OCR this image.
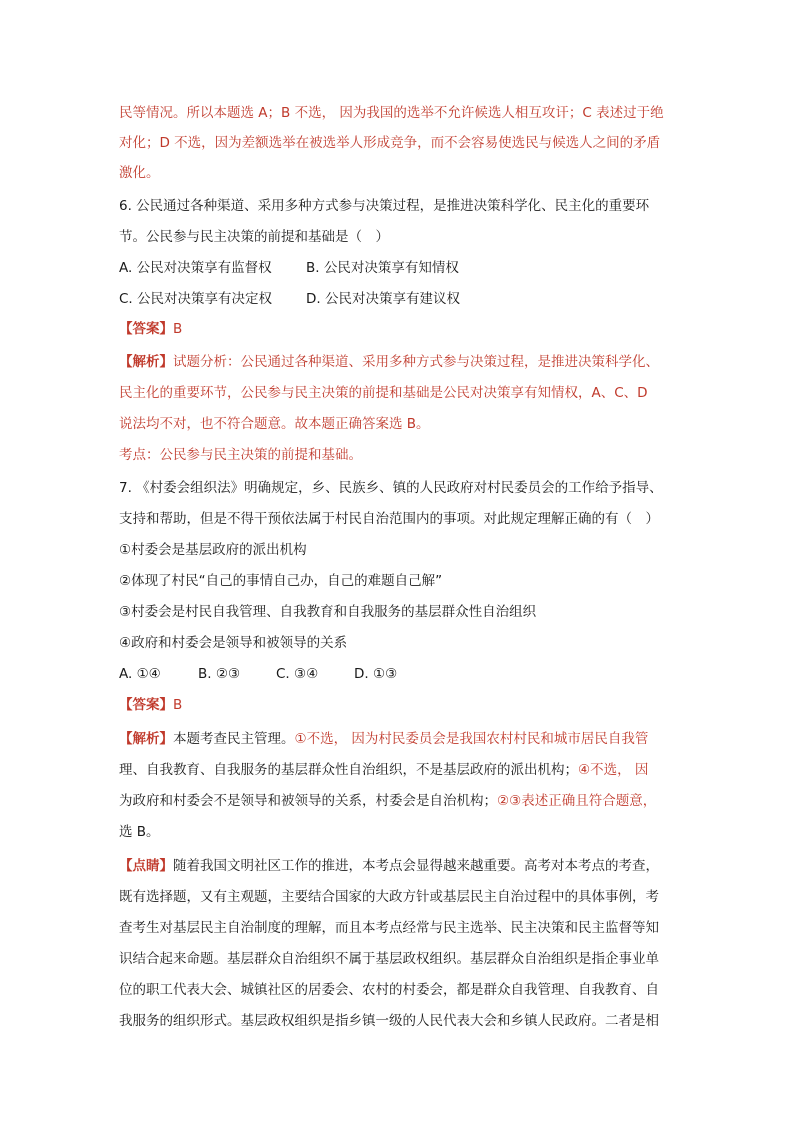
民等情况。所以本题选 A；B 不选， 因为我国的选举不允许候选人相互攻讦；C 表述过于绝
对化；D 不选，因为差额选举在被选举人形成竞争，而不会容易使选民与候选人之间的矛盾
激化。
6. 公民通过各种渠道、采用多种方式参与决策过程，是推进决策科学化、民主化的重要环
节。公民参与民主决策的前提和基础是（　）
A. 公民对决策享有监督权	B. 公民对决策享有知情权
C. 公民对决策享有决定权	D. 公民对决策享有建议权
【答案】B
【解析】试题分析：公民通过各种渠道、采用多种方式参与决策过程，是推进决策科学化、
民主化的重要环节，公民参与民主决策的前提和基础是公民对决策享有知情权，A、C、D
说法均不对，也不符合题意。故本题正确答案选 B。
考点：公民参与民主决策的前提和基础。
7. 《村委会组织法》明确规定，乡、民族乡、镇的人民政府对村民委员会的工作给予指导、
支持和帮助，但是不得干预依法属于村民自治范围内的事项。对此规定理解正确的有（　）
①村委会是基层政府的派出机构
②体现了村民“自己的事情自己办，自己的难题自己解”
③村委会是村民自我管理、自我教育和自我服务的基层群众性自治组织
④政府和村委会是领导和被领导的关系
A. ①④	B. ②③	C. ③④	D. ①③
【答案】B
【解析】本题考查民主管理。①不选， 因为村民委员会是我国农村村民和城市居民自我管
理、自我教育、自我服务的基层群众性自治组织，不是基层政府的派出机构；④不选， 因
为政府和村委会不是领导和被领导的关系，村委会是自治机构；②③表述正确且符合题意，
选 B。
【点睛】随着我国文明社区工作的推进，本考点会显得越来越重要。高考对本考点的考查，
既有选择题，又有主观题，主要结合国家的大政方针或基层民主自治过程中的具体事例，考
查考生对基层民主自治制度的理解，而且本考点经常与民主选举、民主决策和民主监督等知
识结合起来命题。基层群众自治组织不属于基层政权组织。基层群众自治组织是指企事业单
位的职工代表大会、城镇社区的居委会、农村的村委会，都是群众自我管理、自我教育、自
我服务的组织形式。基层政权组织是指乡镇一级的人民代表大会和乡镇人民政府。二者是相
